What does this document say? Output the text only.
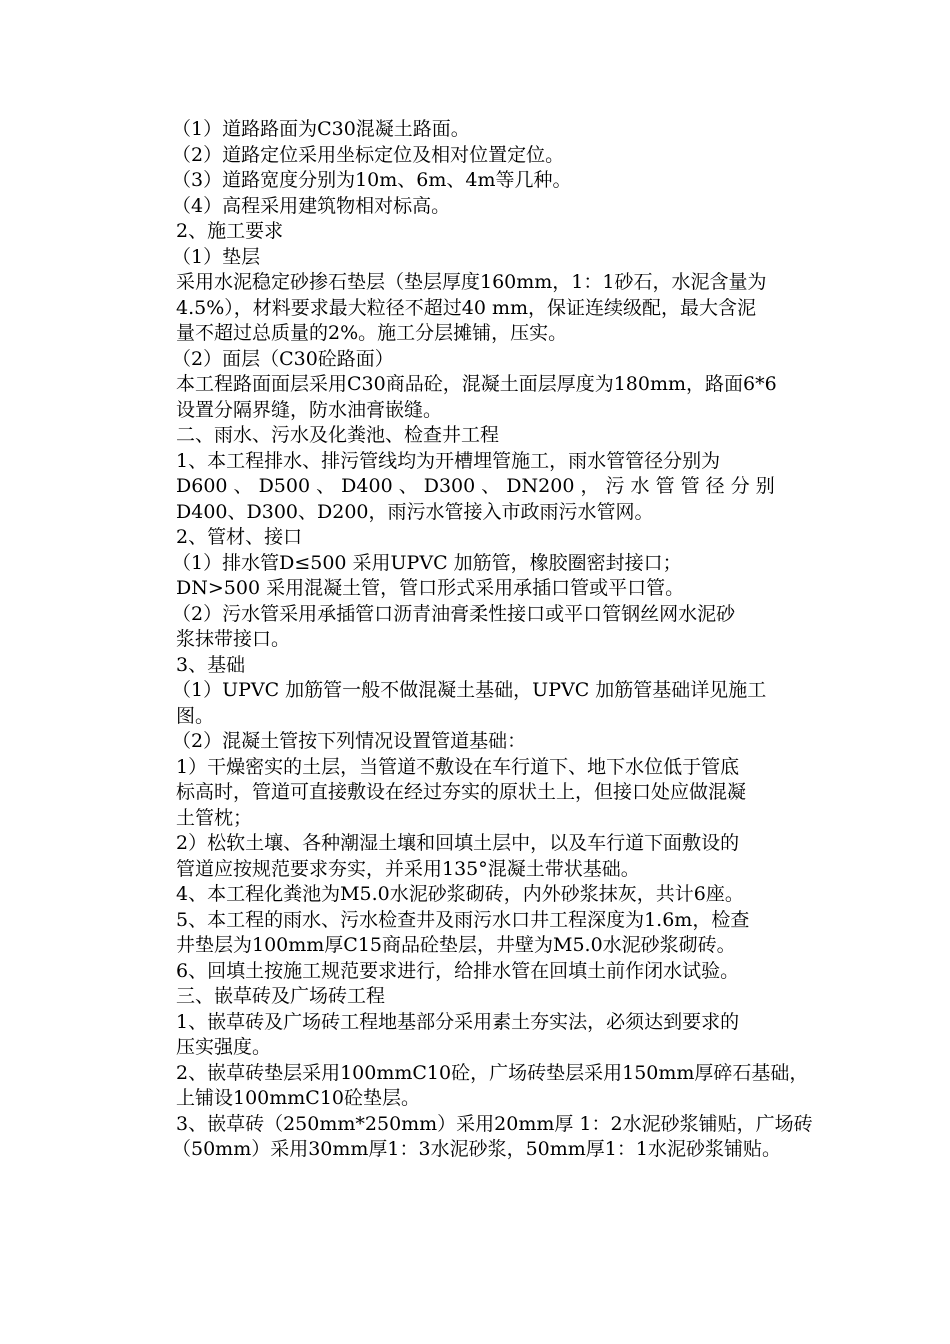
（1）道路路面为C30混凝土路面。
（2）道路定位采用坐标定位及相对位置定位。
（3）道路宽度分别为10m、6m、4m等几种。
（4）高程采用建筑物相对标高。
2、施工要求
（1）垫层
采用水泥稳定砂掺石垫层（垫层厚度160mm，1：1砂石，水泥含量为
4.5%），材料要求最大粒径不超过40 mm，保证连续级配，最大含泥
量不超过总质量的2%。施工分层摊铺，压实。
（2）面层（C30砼路面）
本工程路面面层采用C30商品砼，混凝土面层厚度为180mm，路面6*6
设置分隔界缝，防水油膏嵌缝。
二、雨水、污水及化粪池、检查井工程
1、本工程排水、排污管线均为开槽埋管施工，雨水管管径分别为
D600 、 D500 、 D400 、 D300 、 DN200 ， 污 水 管 管 径 分 别
D400、D300、D200，雨污水管接入市政雨污水管网。
2、管材、接口
（1）排水管D≤500 采用UPVC 加筋管，橡胶圈密封接口；
DN>500 采用混凝土管，管口形式采用承插口管或平口管。
（2）污水管采用承插管口沥青油膏柔性接口或平口管钢丝网水泥砂
浆抹带接口。
3、基础
（1）UPVC 加筋管一般不做混凝土基础，UPVC 加筋管基础详见施工
图。
（2）混凝土管按下列情况设置管道基础：
1）干燥密实的土层，当管道不敷设在车行道下、地下水位低于管底
标高时，管道可直接敷设在经过夯实的原状土上，但接口处应做混凝
土管枕；
2）松软土壤、各种潮湿土壤和回填土层中，以及车行道下面敷设的
管道应按规范要求夯实，并采用135°混凝土带状基础。
4、本工程化粪池为M5.0水泥砂浆砌砖，内外砂浆抹灰，共计6座。
5、本工程的雨水、污水检查井及雨污水口井工程深度为1.6m，检查
井垫层为100mm厚C15商品砼垫层，井壁为M5.0水泥砂浆砌砖。
6、回填土按施工规范要求进行，给排水管在回填土前作闭水试验。
三、嵌草砖及广场砖工程
1、嵌草砖及广场砖工程地基部分采用素土夯实法，必须达到要求的
压实强度。
2、嵌草砖垫层采用100mmC10砼，广场砖垫层采用150mm厚碎石基础，
上铺设100mmC10砼垫层。
3、嵌草砖（250mm*250mm）采用20mm厚 1：2水泥砂浆铺贴，广场砖
（50mm）采用30mm厚1：3水泥砂浆，50mm厚1：1水泥砂浆铺贴。
